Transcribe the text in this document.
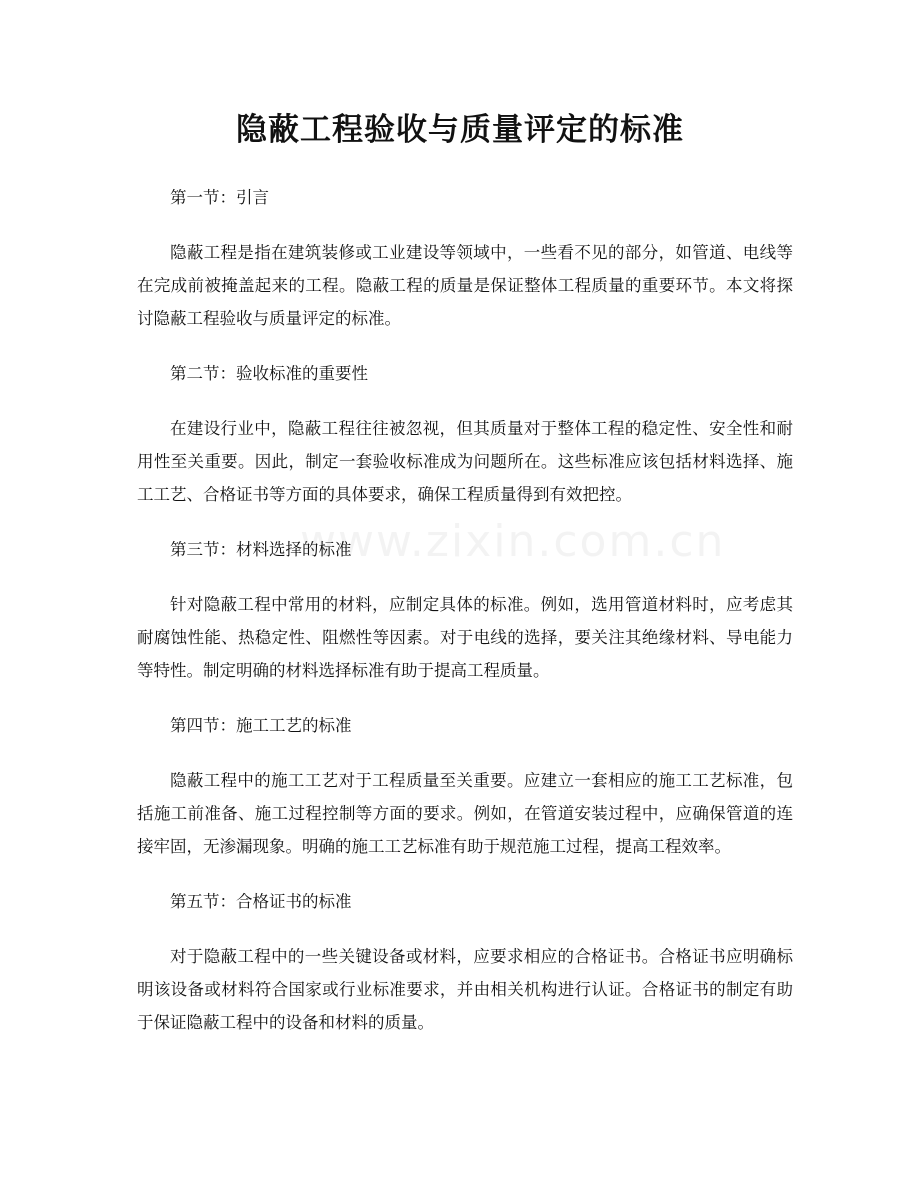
www.zixin.com.cn
隐蔽工程验收与质量评定的标准

第一节：引言

隐蔽工程是指在建筑装修或工业建设等领域中，一些看不见的部分，如管道、电线等在完成前被掩盖起来的工程。隐蔽工程的质量是保证整体工程质量的重要环节。本文将探讨隐蔽工程验收与质量评定的标准。

第二节：验收标准的重要性

在建设行业中，隐蔽工程往往被忽视，但其质量对于整体工程的稳定性、安全性和耐用性至关重要。因此，制定一套验收标准成为问题所在。这些标准应该包括材料选择、施工工艺、合格证书等方面的具体要求，确保工程质量得到有效把控。

第三节：材料选择的标准

针对隐蔽工程中常用的材料，应制定具体的标准。例如，选用管道材料时，应考虑其耐腐蚀性能、热稳定性、阻燃性等因素。对于电线的选择，要关注其绝缘材料、导电能力等特性。制定明确的材料选择标准有助于提高工程质量。

第四节：施工工艺的标准

隐蔽工程中的施工工艺对于工程质量至关重要。应建立一套相应的施工工艺标准，包括施工前准备、施工过程控制等方面的要求。例如，在管道安装过程中，应确保管道的连接牢固，无渗漏现象。明确的施工工艺标准有助于规范施工过程，提高工程效率。

第五节：合格证书的标准

对于隐蔽工程中的一些关键设备或材料，应要求相应的合格证书。合格证书应明确标明该设备或材料符合国家或行业标准要求，并由相关机构进行认证。合格证书的制定有助于保证隐蔽工程中的设备和材料的质量。
